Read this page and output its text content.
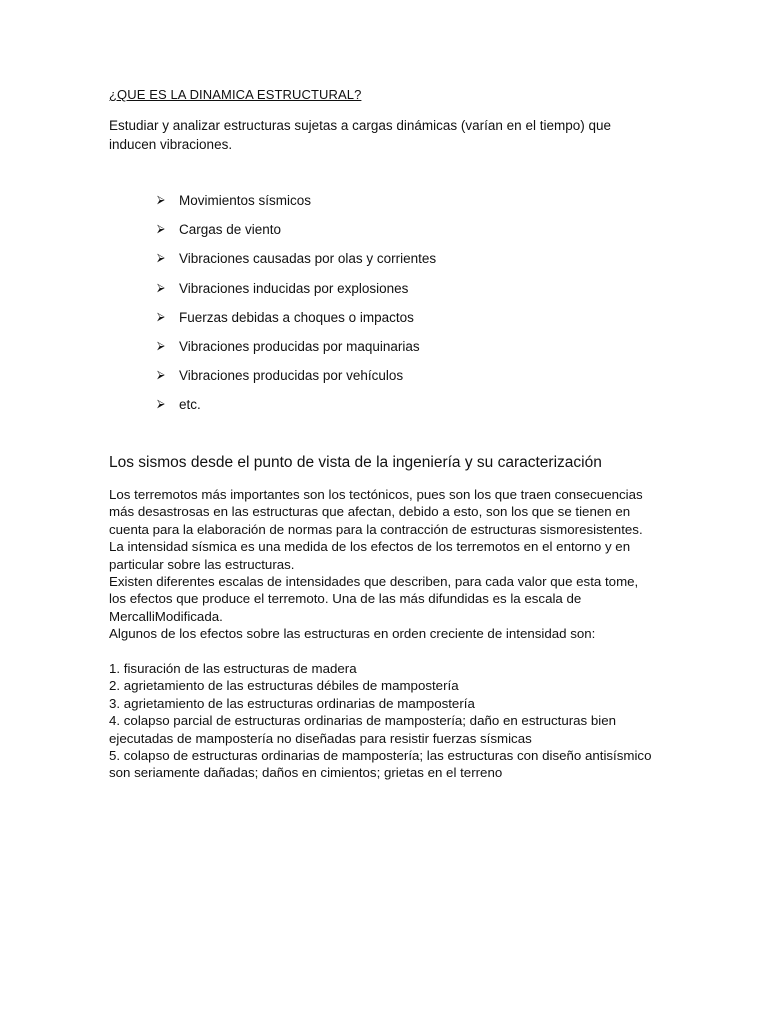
¿QUE ES LA DINAMICA ESTRUCTURAL?
Estudiar y analizar estructuras sujetas a cargas dinámicas (varían en el tiempo) que inducen vibraciones.
⮚	Movimientos sísmicos
⮚	Cargas de viento
⮚	Vibraciones causadas por olas y corrientes
⮚	Vibraciones inducidas por explosiones
⮚	Fuerzas debidas a choques o impactos
⮚	Vibraciones producidas por maquinarias
⮚	Vibraciones producidas por vehículos
⮚	etc.
Los sismos desde el punto de vista de la ingeniería y su caracterización

Los terremotos más importantes son los tectónicos, pues son los que traen consecuencias más desastrosas en las estructuras que afectan, debido a esto, son los que se tienen en cuenta para la elaboración de normas para la contracción de estructuras sismoresistentes.

La intensidad sísmica es una medida de los efectos de los terremotos en el entorno y en particular sobre las estructuras.

Existen diferentes escalas de intensidades que describen, para cada valor que esta tome, los efectos que produce el terremoto. Una de las más difundidas es la escala de MercalliModificada.

Algunos de los efectos sobre las estructuras en orden creciente de intensidad son:

1. fisuración de las estructuras de madera

2. agrietamiento de las estructuras débiles de mampostería

3. agrietamiento de las estructuras ordinarias de mampostería

4. colapso parcial de estructuras ordinarias de mampostería; daño en estructuras bien ejecutadas de mampostería no diseñadas para resistir fuerzas sísmicas

5. colapso de estructuras ordinarias de mampostería; las estructuras con diseño antisísmico

son seriamente dañadas; daños en cimientos; grietas en el terreno
